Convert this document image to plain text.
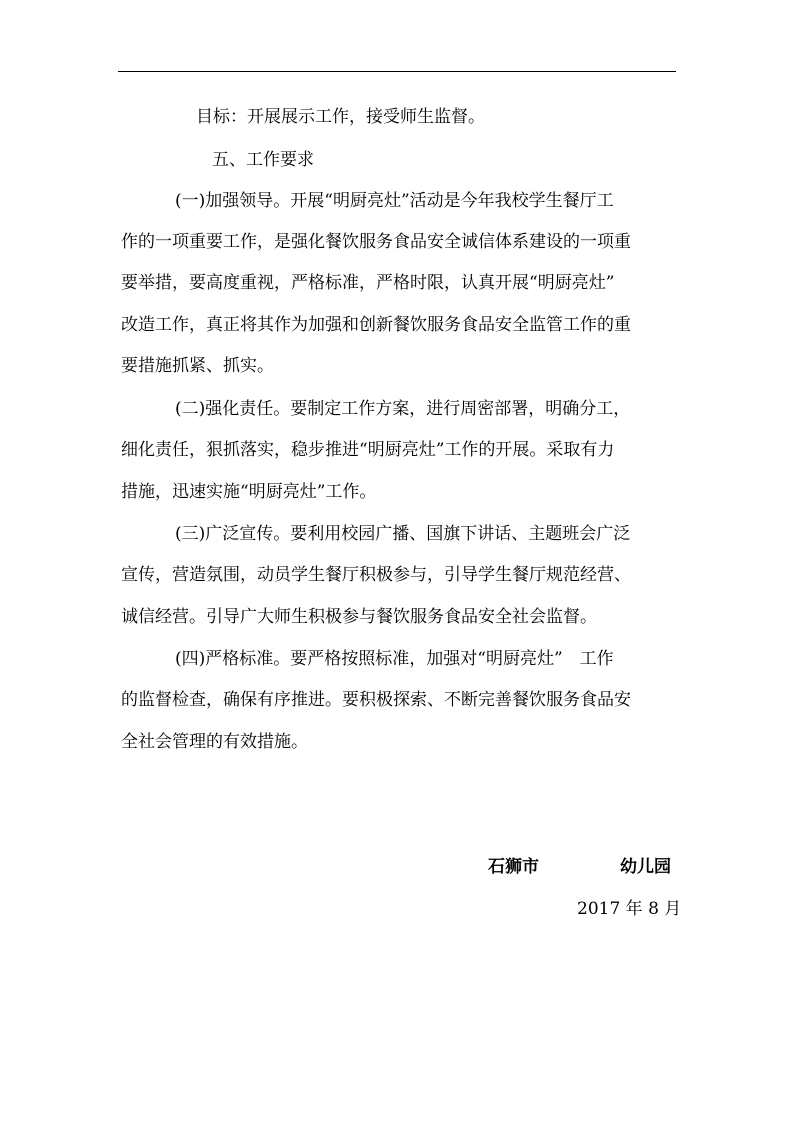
目标：开展展示工作，接受师生监督。
五、工作要求
(一)加强领导。开展“明厨亮灶”活动是今年我校学生餐厅工
作的一项重要工作，是强化餐饮服务食品安全诚信体系建设的一项重
要举措，要高度重视，严格标准，严格时限，认真开展“明厨亮灶”
改造工作，真正将其作为加强和创新餐饮服务食品安全监管工作的重
要措施抓紧、抓实。
(二)强化责任。要制定工作方案，进行周密部署，明确分工，
细化责任，狠抓落实，稳步推进“明厨亮灶”工作的开展。采取有力
措施，迅速实施“明厨亮灶”工作。
(三)广泛宣传。要利用校园广播、国旗下讲话、主题班会广泛
宣传，营造氛围，动员学生餐厅积极参与，引导学生餐厅规范经营、
诚信经营。引导广大师生积极参与餐饮服务食品安全社会监督。
(四)严格标准。要严格按照标准，加强对“明厨亮灶”　工作
的监督检查，确保有序推进。要积极探索、不断完善餐饮服务食品安
全社会管理的有效措施。
石狮市	幼儿园
2017 年 8 月
